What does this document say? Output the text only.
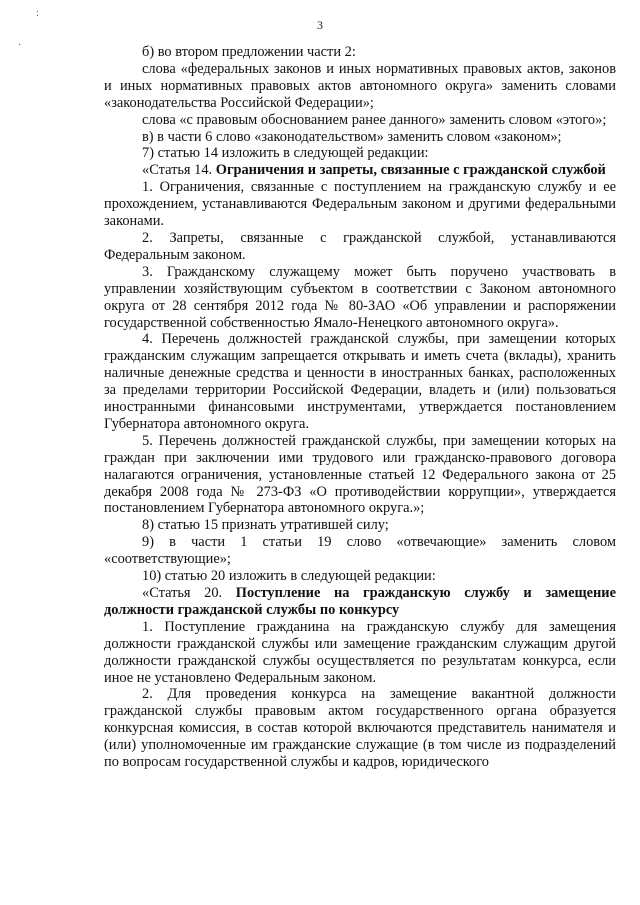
:
·
3

б) во втором предложении части 2:

слова «федеральных законов и иных нормативных правовых актов, законов и иных нормативных правовых актов автономного округа» заменить словами «законодательства Российской Федерации»;

слова «с правовым обоснованием ранее данного» заменить словом «этого»;

в) в части 6 слово «законодательством» заменить словом «законом»;

7) статью 14 изложить в следующей редакции:

«Статья 14. Ограничения и запреты, связанные с гражданской службой

1. Ограничения, связанные с поступлением на гражданскую службу и ее прохождением, устанавливаются Федеральным законом и другими федеральными законами.

2. Запреты, связанные с гражданской службой, устанавливаются Федеральным законом.

3. Гражданскому служащему может быть поручено участвовать в управлении хозяйствующим субъектом в соответствии с Законом автономного округа от 28 сентября 2012 года № 80-ЗАО «Об управлении и распоряжении государственной собственностью Ямало-Ненецкого автономного округа».

4. Перечень должностей гражданской службы, при замещении которых гражданским служащим запрещается открывать и иметь счета (вклады), хранить наличные денежные средства и ценности в иностранных банках, расположенных за пределами территории Российской Федерации, владеть и (или) пользоваться иностранными финансовыми инструментами, утверждается постановлением Губернатора автономного округа.

5. Перечень должностей гражданской службы, при замещении которых на граждан при заключении ими трудового или гражданско-правового договора налагаются ограничения, установленные статьей 12 Федерального закона от 25 декабря 2008 года № 273-ФЗ «О противодействии коррупции», утверждается постановлением Губернатора автономного округа.»;

8) статью 15 признать утратившей силу;

9) в части 1 статьи 19 слово «отвечающие» заменить словом «соответствующие»;

10) статью 20 изложить в следующей редакции:

«Статья 20. Поступление на гражданскую службу и замещение должности гражданской службы по конкурсу

1. Поступление гражданина на гражданскую службу для замещения должности гражданской службы или замещение гражданским служащим другой должности гражданской службы осуществляется по результатам конкурса, если иное не установлено Федеральным законом.

2. Для проведения конкурса на замещение вакантной должности гражданской службы правовым актом государственного органа образуется конкурсная комиссия, в состав которой включаются представитель нанимателя и (или) уполномоченные им гражданские служащие (в том числе из подразделений по вопросам государственной службы и кадров, юридического
